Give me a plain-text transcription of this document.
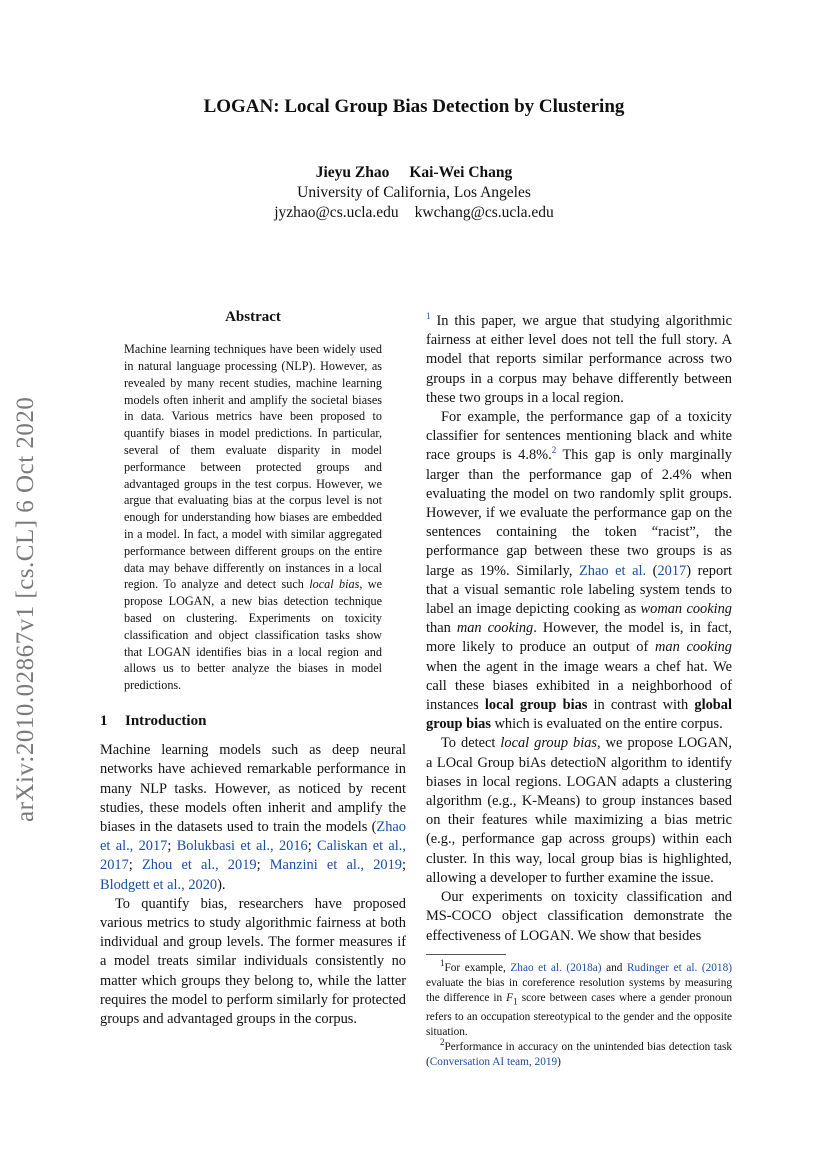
arXiv:2010.02867v1 [cs.CL] 6 Oct 2020
LOGAN: Local Group Bias Detection by Clustering
Jieyu Zhao Kai-Wei Chang
University of California, Los Angeles
jyzhao@cs.ucla.edu kwchang@cs.ucla.edu
Abstract
Machine learning techniques have been widely used in natural language processing (NLP). However, as revealed by many recent studies, machine learning models often inherit and amplify the societal biases in data. Various metrics have been proposed to quantify biases in model predictions. In particular, several of them evaluate disparity in model performance between protected groups and advantaged groups in the test corpus. However, we argue that evaluating bias at the corpus level is not enough for understanding how biases are embedded in a model. In fact, a model with similar aggregated performance between different groups on the entire data may behave differently on instances in a local region. To analyze and detect such local bias, we propose LOGAN, a new bias detection technique based on clustering. Experiments on toxicity classification and object classification tasks show that LOGAN identifies bias in a local region and allows us to better analyze the biases in model predictions.
1 Introduction

Machine learning models such as deep neural networks have achieved remarkable performance in many NLP tasks. However, as noticed by recent studies, these models often inherit and amplify the biases in the datasets used to train the models (Zhao et al., 2017; Bolukbasi et al., 2016; Caliskan et al., 2017; Zhou et al., 2019; Manzini et al., 2019; Blodgett et al., 2020).

To quantify bias, researchers have proposed various metrics to study algorithmic fairness at both individual and group levels. The former measures if a model treats similar individuals consistently no matter which groups they belong to, while the latter requires the model to perform similarly for protected groups and advantaged groups in the corpus.

$^1$ In this paper, we argue that studying algorithmic fairness at either level does not tell the full story. A model that reports similar performance across two groups in a corpus may behave differently between these two groups in a local region.

For example, the performance gap of a toxicity classifier for sentences mentioning black and white race groups is 4.8%.$^2$ This gap is only marginally larger than the performance gap of 2.4% when evaluating the model on two randomly split groups. However, if we evaluate the performance gap on the sentences containing the token “racist”, the performance gap between these two groups is as large as 19%. Similarly, Zhao et al. (2017) report that a visual semantic role labeling system tends to label an image depicting cooking as woman cooking than man cooking. However, the model is, in fact, more likely to produce an output of man cooking when the agent in the image wears a chef hat. We call these biases exhibited in a neighborhood of instances local group bias in contrast with global group bias which is evaluated on the entire corpus.

To detect local group bias, we propose LOGAN, a LOcal Group biAs detectioN algorithm to identify biases in local regions. LOGAN adapts a clustering algorithm (e.g., K-Means) to group instances based on their features while maximizing a bias metric (e.g., performance gap across groups) within each cluster. In this way, local group bias is highlighted, allowing a developer to further examine the issue.

Our experiments on toxicity classification and MS-COCO object classification demonstrate the effectiveness of LOGAN. We show that besides

$^1$For example, Zhao et al. (2018a) and Rudinger et al. (2018) evaluate the bias in coreference resolution systems by measuring the difference in $F_1$ score between cases where a gender pronoun refers to an occupation stereotypical to the gender and the opposite situation.

$^2$Performance in accuracy on the unintended bias detection task (Conversation AI team, 2019)
